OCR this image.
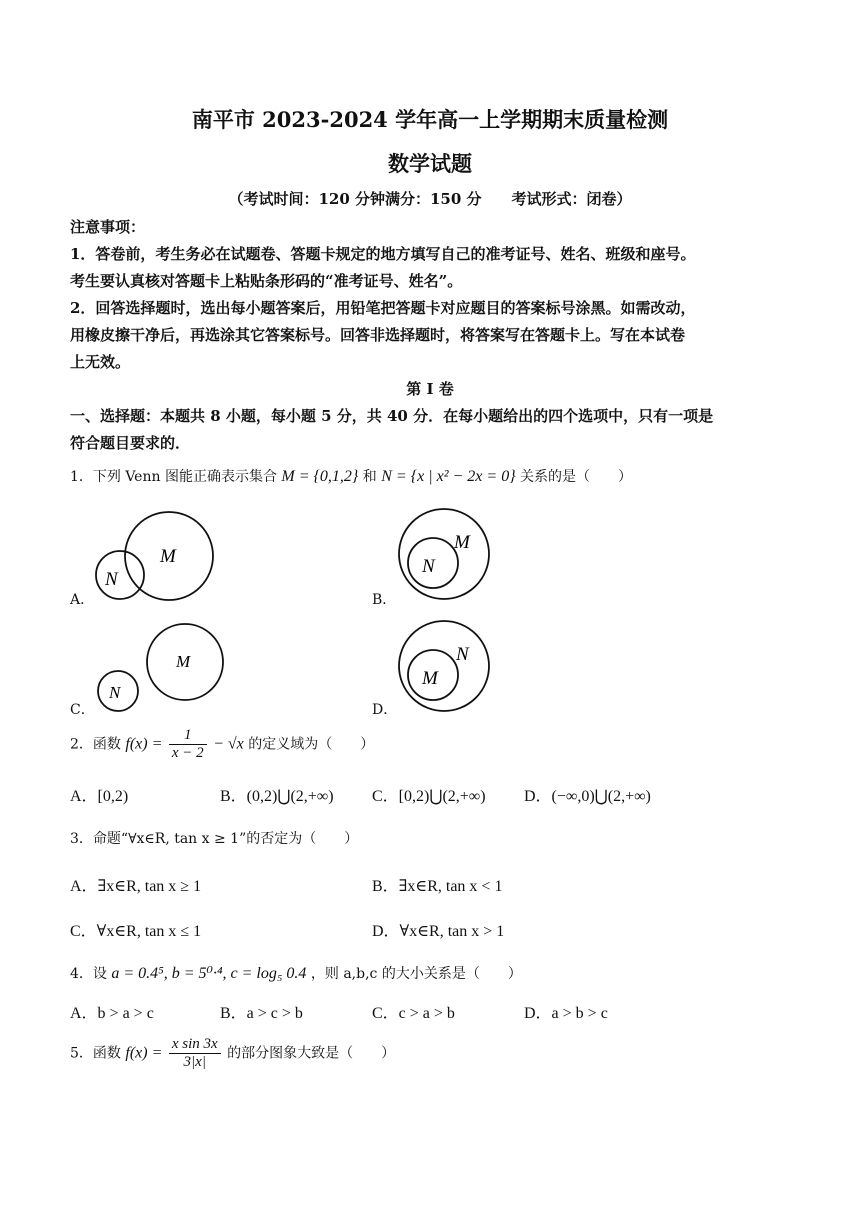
南平市 2023-2024 学年高一上学期期末质量检测
数学试题
（考试时间：120 分钟满分：150 分　　考试形式：闭卷）
注意事项：
1．答卷前，考生务必在试题卷、答题卡规定的地方填写自己的准考证号、姓名、班级和座号。
考生要认真核对答题卡上粘贴条形码的“准考证号、姓名”。
2．回答选择题时，选出每小题答案后，用铅笔把答题卡对应题目的答案标号涂黑。如需改动，
用橡皮擦干净后，再选涂其它答案标号。回答非选择题时，将答案写在答题卡上。写在本试卷
上无效。
第 I 卷
一、选择题：本题共 8 小题，每小题 5 分，共 40 分．在每小题给出的四个选项中，只有一项是
符合题目要求的．
1．下列 Venn 图能正确表示集合 M = {0,1,2} 和 N = {x | x² − 2x = 0} 关系的是（　　）
M
N
A．
M
N
B．
M
N
C．
N
M
D．
2．函数 $f(x) = \frac{1}{x - 2} - √x$ 的定义域为（　　）
A．[0,2)	B．(0,2)⋃(2,+∞) C．[0,2)⋃(2,+∞) D．(−∞,0)⋃(2,+∞)
3．命题“∀x∈R, tan x ≥ 1”的否定为（　　）
A．∃x∈R, tan x ≥ 1	B．∃x∈R, tan x < 1
C．∀x∈R, tan x ≤ 1	D．∀x∈R, tan x > 1
4．设 a = 0.4⁵, b = 5⁰·⁴, c = log₅ 0.4 ，则 a,b,c 的大小关系是（　　）
A．b > a > c	B．a > c > b	C．c > a > b	D．a > b > c
5．函数 $f(x) = \frac{\text{x sin 3x}}{3|x|}$ 的部分图象大致是（　　）
